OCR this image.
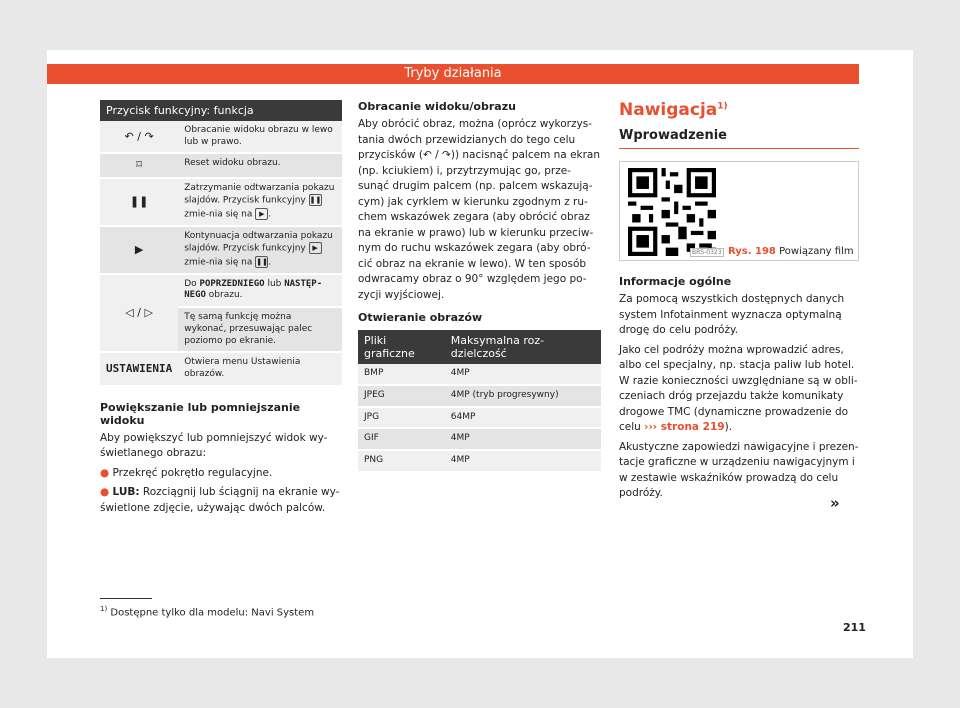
Tryby działania
Przycisk funkcyjny: funkcja	
↶ / ↷	Obracanie widoku obrazu w lewo lub w prawo.
⌑	Reset widoku obrazu.
❚❚	Zatrzymanie odtwarzania pokazu slajdów. Przycisk funkcyjny ❚❚ zmie-nia się na ▶ .
▶	Kontynuacja odtwarzania pokazu slajdów. Przycisk funkcyjny ▶ zmie-nia się na ❚❚.
◁ / ▷	Do POPRZEDNIEGO lub NASTĘP-NEGO obrazu.
	Tę samą funkcję można wykonać, przesuwając palec poziomo po ekranie.
USTAWIENIA	Otwiera menu Ustawienia obrazów.
Powiększanie lub pomniejszanie widoku

Aby powiększyć lub pomniejszyć widok wy-świetlanego obrazu:

● Przekręć pokrętło regulacyjne.

● LUB: Rozciągnij lub ściągnij na ekranie wy-świetlone zdjęcie, używając dwóch palców.

Obracanie widoku/obrazu

Aby obrócić obraz, można (oprócz wykorzys-tania dwóch przewidzianych do tego celu przycisków (↶ / ↷)) nacisnąć palcem na ekran (np. kciukiem) i, przytrzymując go, prze-sunąć drugim palcem (np. palcem wskazują-cym) jak cyrklem w kierunku zgodnym z ru-chem wskazówek zegara (aby obrócić obraz na ekranie w prawo) lub w kierunku przeciw-nym do ruchu wskazówek zegara (aby obró-cić obraz na ekranie w lewo). W ten sposób odwracamy obraz o 90° względem jego po-zycji wyjściowej.

Otwieranie obrazów
Pliki graficzne	Maksymalna roz-dzielczość
BMP	4MP
JPEG	4MP (tryb progresywny)
JPG	64MP
GIF	4MP
PNG	4MP
Nawigacja$^{1)}$
Wprowadzenie
BRS-0323 Rys. 198 Powiązany film
Informacje ogólne

Za pomocą wszystkich dostępnych danych system Infotainment wyznacza optymalną drogę do celu podróży.

Jako cel podróży można wprowadzić adres, albo cel specjalny, np. stacja paliw lub hotel. W razie konieczności uwzględniane są w obli-czeniach dróg przejazdu także komunikaty drogowe TMC (dynamiczne prowadzenie do celu ››› strona 219).

Akustyczne zapowiedzi nawigacyjne i prezen-tacje graficzne w urządzeniu nawigacyjnym i w zestawie wskaźników prowadzą do celu podróży.

»
$^{1)}$ Dostępne tylko dla modelu: Navi System
211
